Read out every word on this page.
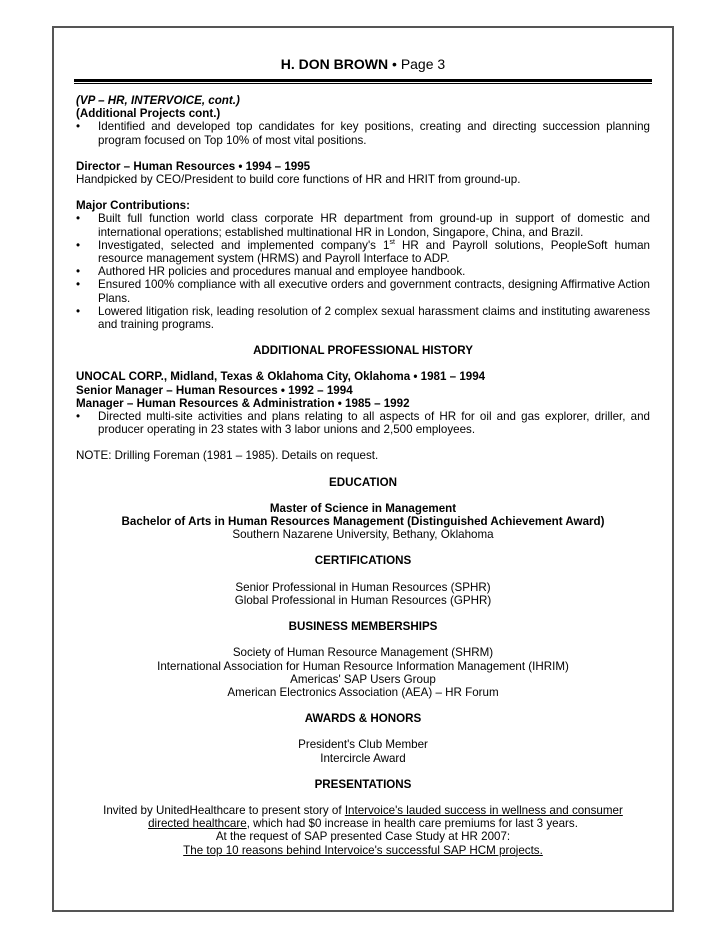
H. DON BROWN • Page 3
(VP – HR, INTERVOICE, cont.)
(Additional Projects cont.)
• Identified and developed top candidates for key positions, creating and directing succession planning program focused on Top 10% of most vital positions.
Director – Human Resources • 1994 – 1995
Handpicked by CEO/President to build core functions of HR and HRIT from ground-up.
Major Contributions:
• Built full function world class corporate HR department from ground-up in support of domestic and international operations; established multinational HR in London, Singapore, China, and Brazil.
• Investigated, selected and implemented company's 1st HR and Payroll solutions, PeopleSoft human resource management system (HRMS) and Payroll Interface to ADP.
• Authored HR policies and procedures manual and employee handbook.
• Ensured 100% compliance with all executive orders and government contracts, designing Affirmative Action Plans.
• Lowered litigation risk, leading resolution of 2 complex sexual harassment claims and instituting awareness and training programs.
ADDITIONAL PROFESSIONAL HISTORY
UNOCAL CORP., Midland, Texas & Oklahoma City, Oklahoma • 1981 – 1994
Senior Manager – Human Resources • 1992 – 1994
Manager – Human Resources & Administration • 1985 – 1992
• Directed multi-site activities and plans relating to all aspects of HR for oil and gas explorer, driller, and producer operating in 23 states with 3 labor unions and 2,500 employees.
NOTE: Drilling Foreman (1981 – 1985). Details on request.
EDUCATION
Master of Science in Management
Bachelor of Arts in Human Resources Management (Distinguished Achievement Award)
Southern Nazarene University, Bethany, Oklahoma
CERTIFICATIONS
Senior Professional in Human Resources (SPHR)
Global Professional in Human Resources (GPHR)
BUSINESS MEMBERSHIPS
Society of Human Resource Management (SHRM)
International Association for Human Resource Information Management (IHRIM)
Americas' SAP Users Group
American Electronics Association (AEA) – HR Forum
AWARDS & HONORS
President's Club Member
Intercircle Award
PRESENTATIONS
Invited by UnitedHealthcare to present story of Intervoice's lauded success in wellness and consumer
directed healthcare, which had $0 increase in health care premiums for last 3 years.
At the request of SAP presented Case Study at HR 2007:
The top 10 reasons behind Intervoice's successful SAP HCM projects.
